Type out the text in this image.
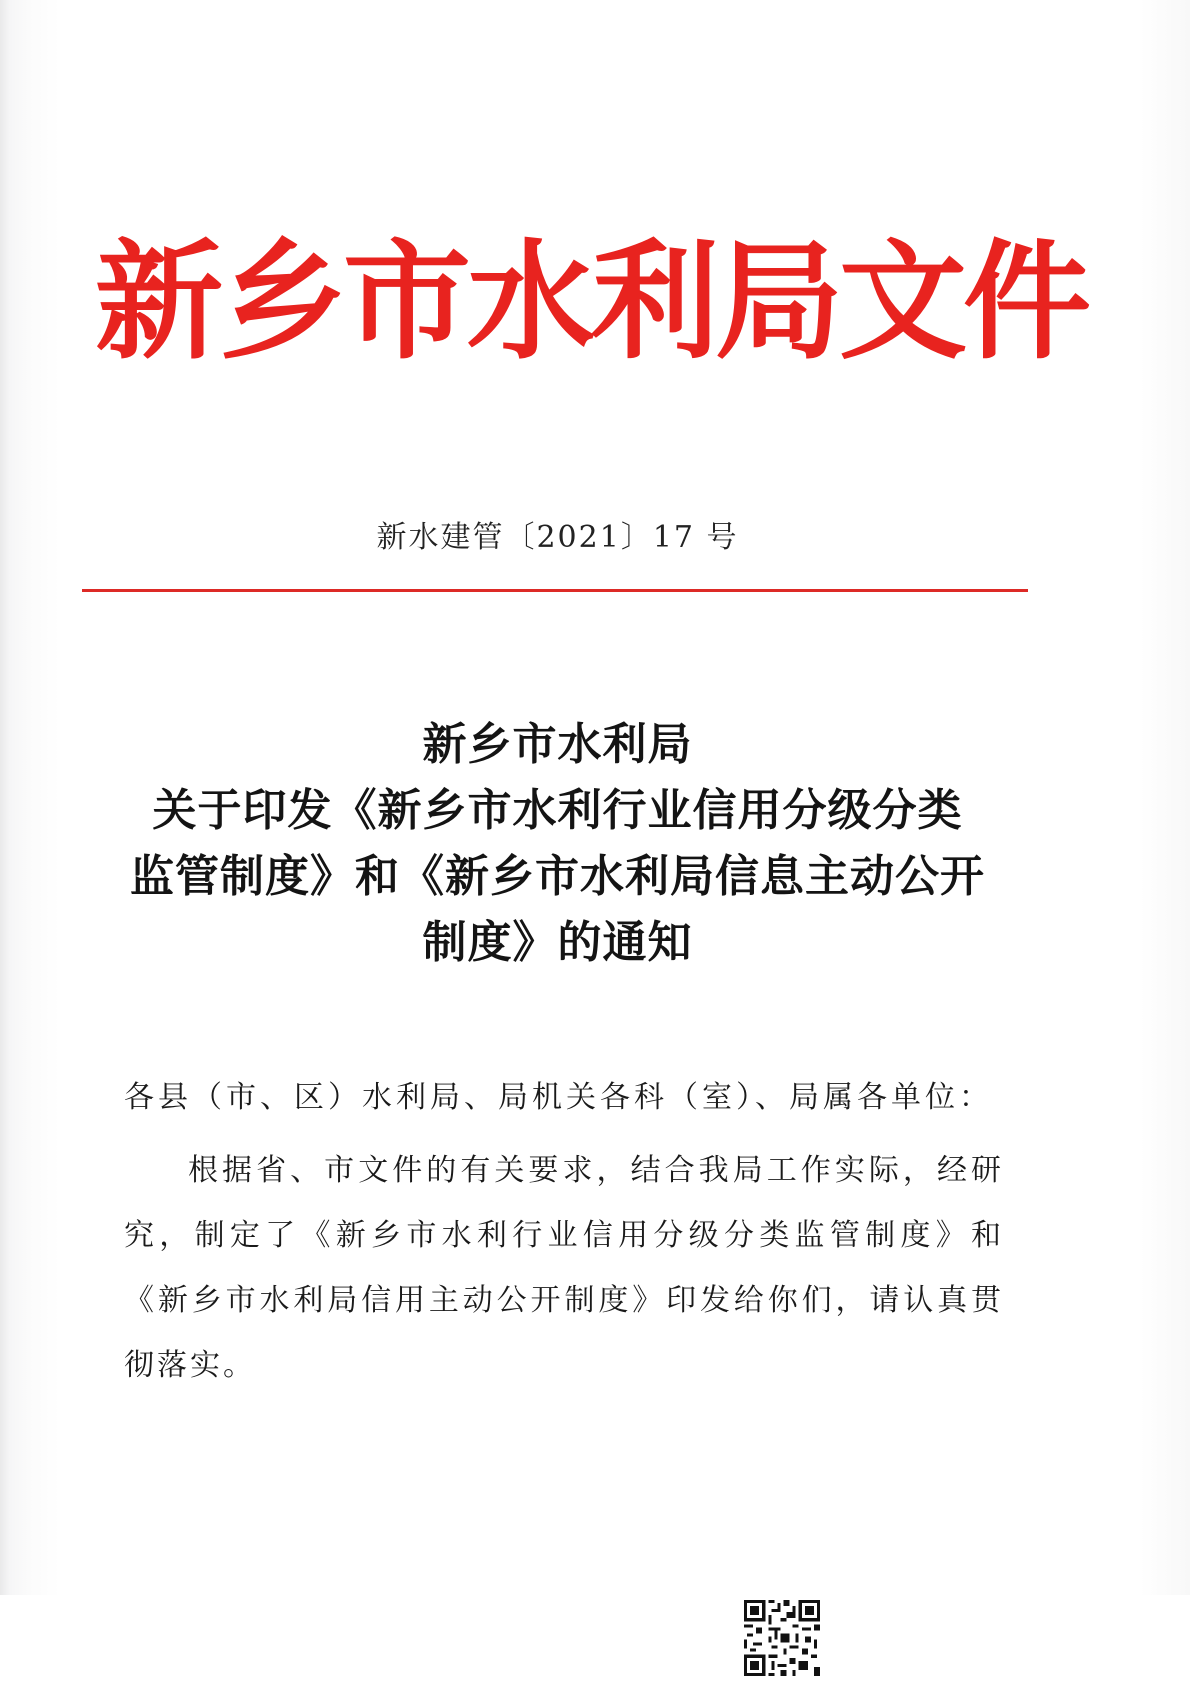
新乡市水利局文件

新水建管〔2021〕17 号

新乡市水利局
关于印发《新乡市水利行业信用分级分类
监管制度》和《新乡市水利局信息主动公开
制度》的通知

各县（市、区）水利局、局机关各科（室）、局属各单位：

根据省、市文件的有关要求，结合我局工作实际，经研究，制定了《新乡市水利行业信用分级分类监管制度》和《新乡市水利局信用主动公开制度》印发给你们，请认真贯彻落实。
